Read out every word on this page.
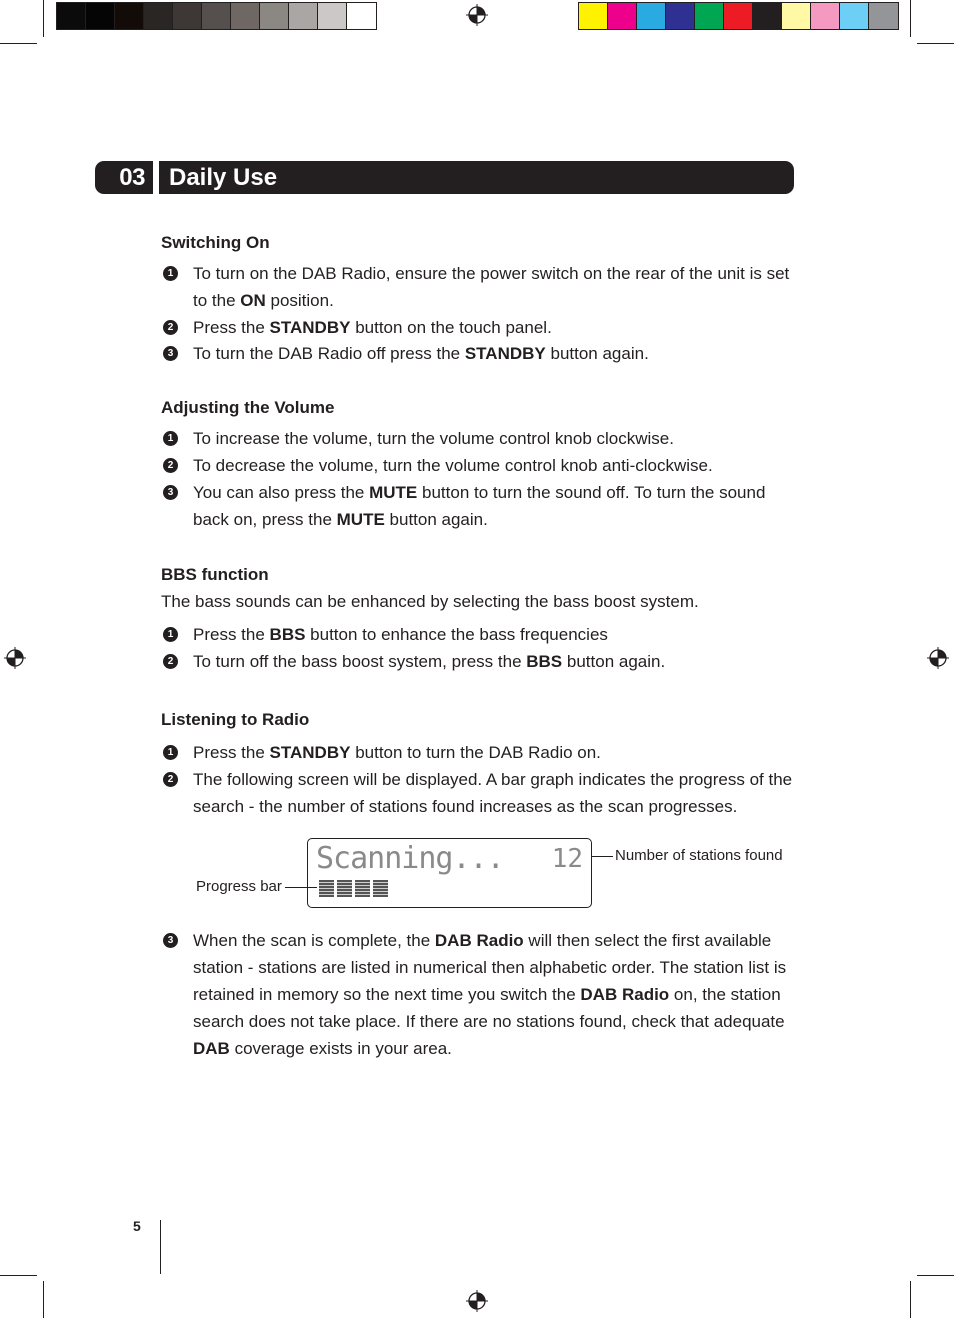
03	Daily Use
Switching On
1 To turn on the DAB Radio, ensure the power switch on the rear of the unit is set
to the ON position.
2 Press the STANDBY button on the touch panel.
3 To turn the DAB Radio off press the STANDBY button again.
Adjusting the Volume
1 To increase the volume, turn the volume control knob clockwise.
2 To decrease the volume, turn the volume control knob anti-clockwise.
3 You can also press the MUTE button to turn the sound off. To turn the sound
back on, press the MUTE button again.
BBS function
The bass sounds can be enhanced by selecting the bass boost system.
1 Press the BBS button to enhance the bass frequencies
2 To turn off the bass boost system, press the BBS button again.
Listening to Radio
1 Press the STANDBY button to turn the DAB Radio on.
2 The following screen will be displayed. A bar graph indicates the progress of the
search - the number of stations found increases as the scan progresses.
Scanning... 12 Number of stations found
Progress bar
3 When the scan is complete, the DAB Radio will then select the first available
station - stations are listed in numerical then alphabetic order. The station list is
retained in memory so the next time you switch the DAB Radio on, the station
search does not take place. If there are no stations found, check that adequate
DAB coverage exists in your area.
5
